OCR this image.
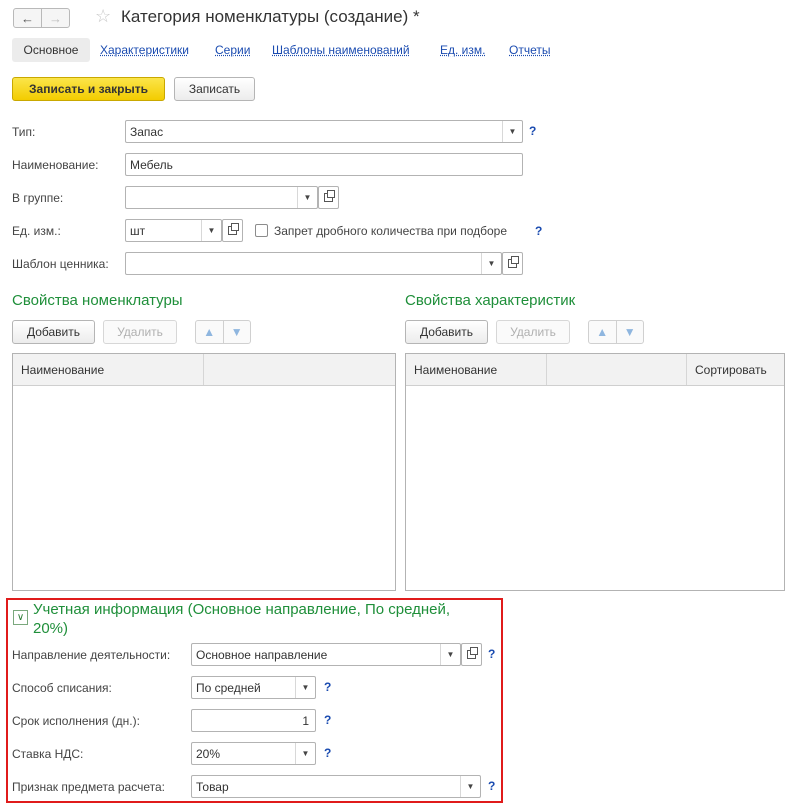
← → ☆ Категория номенклатуры (создание) *
Основное	Характеристики Серии Шаблоны наименований	Ед. изм. Отчеты
Записать и закрыть	Записать
Тип:	Запас	▼	?
Наименование:	Мебель
В группе:	▼
Ед. изм.:	шт	▼	Запрет дробного количества при подборе ?
Шаблон ценника:	▼
Свойства номенклатуры
Добавить	Удалить	▲	▼
Наименование
Свойства характеристик
Добавить	Удалить	▲	▼
Наименование	Сортировать
∨ Учетная информация (Основное направление, По средней,
20%)
Направление деятельности: Основное направление	▼	?
Способ списания:	По средней	▼	?
Срок исполнения (дн.):	1 ?
Ставка НДС:	20%	▼	?
Признак предмета расчета:	Товар	▼	?
